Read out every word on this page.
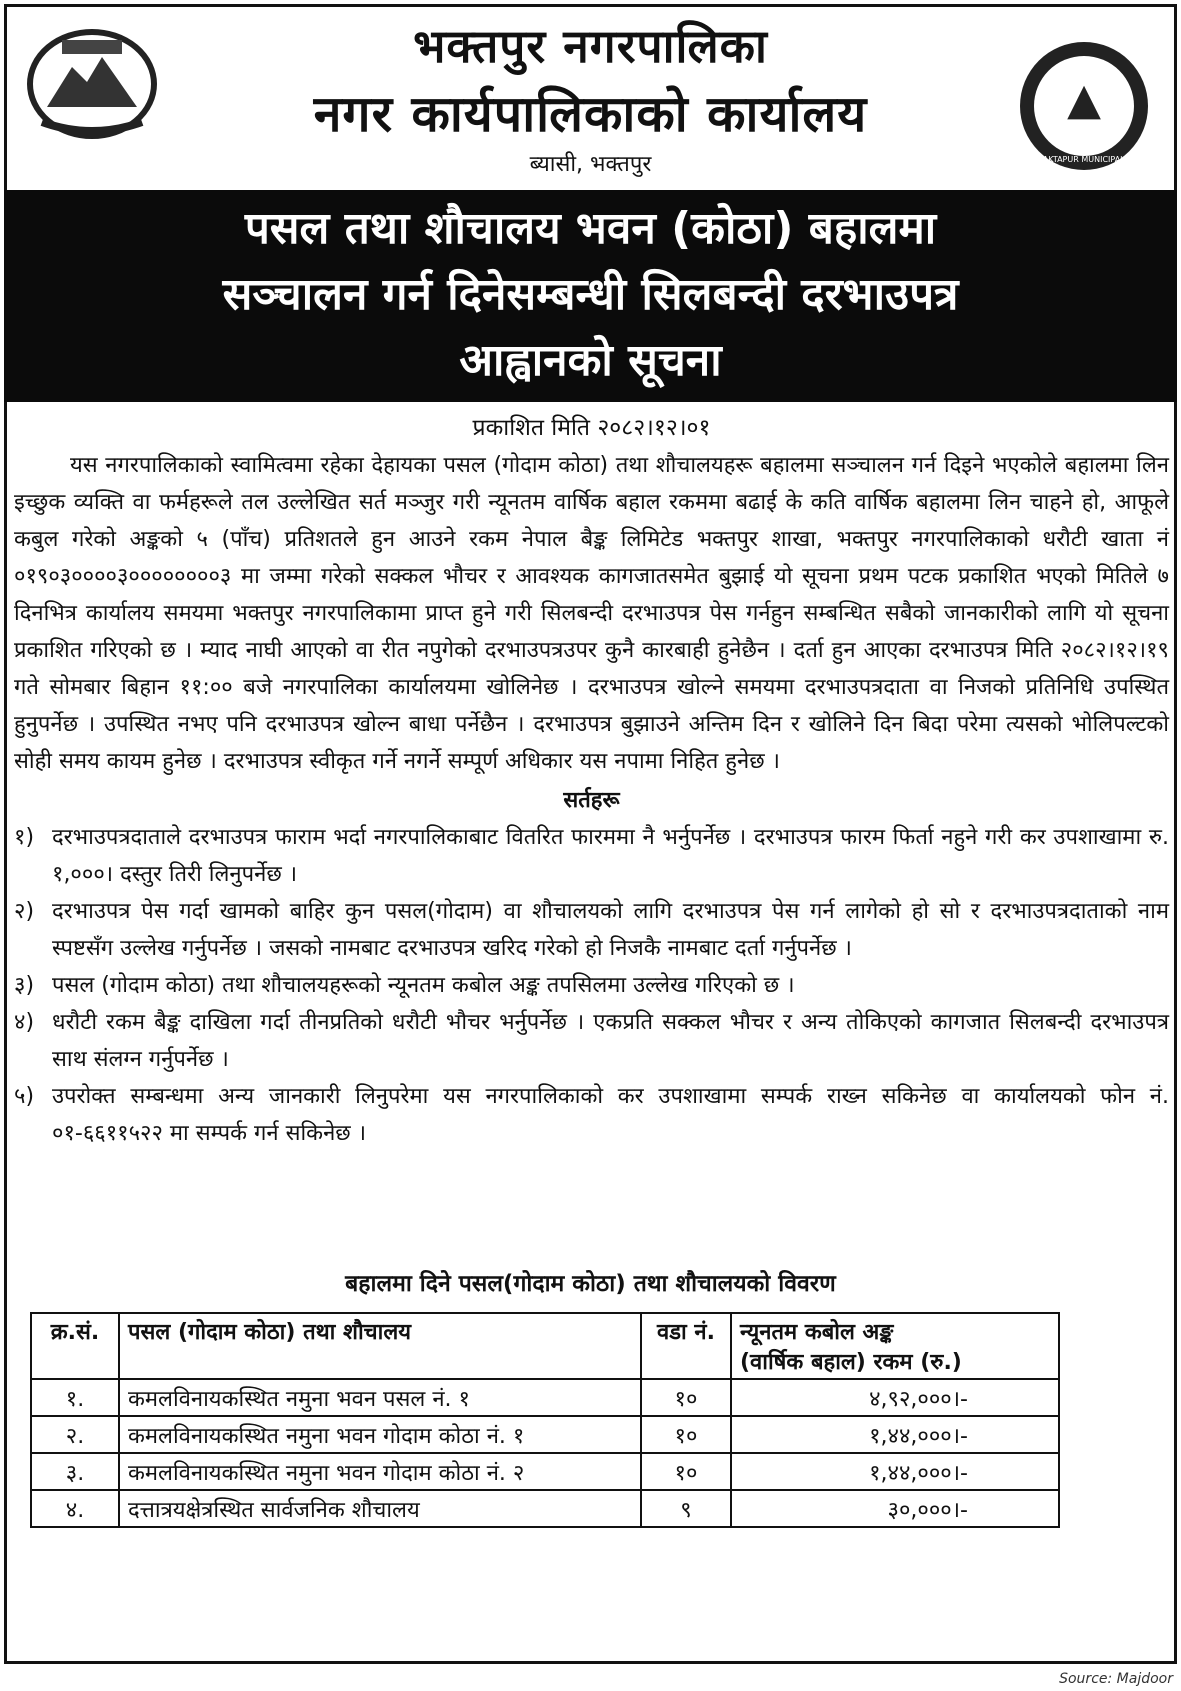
भक्तपुर नगरपालिका
नगर कार्यपालिकाको कार्यालय
ब्यासी, भक्तपुर
▲
BHAKTAPUR MUNICIPALITY
पसल तथा शौचालय भवन (कोठा) बहालमा
सञ्चालन गर्न दिनेसम्बन्धी सिलबन्दी दरभाउपत्र
आह्वानको सूचना
प्रकाशित मिति २०८२।१२।०१

यस नगरपालिकाको स्वामित्वमा रहेका देहायका पसल (गोदाम कोठा) तथा शौचालयहरू बहालमा सञ्चालन गर्न दिइने भएकोले बहालमा लिन इच्छुक व्यक्ति वा फर्महरूले तल उल्लेखित सर्त मञ्जुर गरी न्यूनतम वार्षिक बहाल रकममा बढाई के कति वार्षिक बहालमा लिन चाहने हो, आफूले कबुल गरेको अङ्कको ५ (पाँच) प्रतिशतले हुन आउने रकम नेपाल बैङ्क लिमिटेड भक्तपुर शाखा, भक्तपुर नगरपालिकाको धरौटी खाता नं ०१९०३००००३००००००००३ मा जम्मा गरेको सक्कल भौचर र आवश्यक कागजातसमेत बुझाई यो सूचना प्रथम पटक प्रकाशित भएको मितिले ७ दिनभित्र कार्यालय समयमा भक्तपुर नगरपालिकामा प्राप्त हुने गरी सिलबन्दी दरभाउपत्र पेस गर्नहुन सम्बन्धित सबैको जानकारीको लागि यो सूचना प्रकाशित गरिएको छ । म्याद नाघी आएको वा रीत नपुगेको दरभाउपत्रउपर कुनै कारबाही हुनेछैन । दर्ता हुन आएका दरभाउपत्र मिति २०८२।१२।१९ गते सोमबार बिहान ११:०० बजे नगरपालिका कार्यालयमा खोलिनेछ । दरभाउपत्र खोल्ने समयमा दरभाउपत्रदाता वा निजको प्रतिनिधि उपस्थित हुनुपर्नेछ । उपस्थित नभए पनि दरभाउपत्र खोल्न बाधा पर्नेछैन । दरभाउपत्र बुझाउने अन्तिम दिन र खोलिने दिन बिदा परेमा त्यसको भोलिपल्टको सोही समय कायम हुनेछ । दरभाउपत्र स्वीकृत गर्ने नगर्ने सम्पूर्ण अधिकार यस नपामा निहित हुनेछ ।

सर्तहरू
१) दरभाउपत्रदाताले दरभाउपत्र फाराम भर्दा नगरपालिकाबाट वितरित फारममा नै भर्नुपर्नेछ । दरभाउपत्र फारम फिर्ता नहुने गरी कर उपशाखामा रु. १,०००। दस्तुर तिरी लिनुपर्नेछ ।
२) दरभाउपत्र पेस गर्दा खामको बाहिर कुन पसल(गोदाम) वा शौचालयको लागि दरभाउपत्र पेस गर्न लागेको हो सो र दरभाउपत्रदाताको नाम स्पष्टसँग उल्लेख गर्नुपर्नेछ । जसको नामबाट दरभाउपत्र खरिद गरेको हो निजकै नामबाट दर्ता गर्नुपर्नेछ ।
३) पसल (गोदाम कोठा) तथा शौचालयहरूको न्यूनतम कबोल अङ्क तपसिलमा उल्लेख गरिएको छ ।
४) धरौटी रकम बैङ्क दाखिला गर्दा तीनप्रतिको धरौटी भौचर भर्नुपर्नेछ । एकप्रति सक्कल भौचर र अन्य तोकिएको कागजात सिलबन्दी दरभाउपत्र साथ संलग्न गर्नुपर्नेछ ।
५) उपरोक्त सम्बन्धमा अन्य जानकारी लिनुपरेमा यस नगरपालिकाको कर उपशाखामा सम्पर्क राख्न सकिनेछ वा कार्यालयको फोन नं. ०१-६६११५२२ मा सम्पर्क गर्न सकिनेछ ।
बहालमा दिने पसल(गोदाम कोठा) तथा शौचालयको विवरण
क्र.सं.	पसल (गोदाम कोठा) तथा शौचालय	वडा नं.	न्यूनतम कबोल अङ्क
(वार्षिक बहाल) रकम (रु.)

१.	कमलविनायकस्थित नमुना भवन पसल नं. १	१०	४,९२,०००।-
२.	कमलविनायकस्थित नमुना भवन गोदाम कोठा नं. १	१०	१,४४,०००।-
३.	कमलविनायकस्थित नमुना भवन गोदाम कोठा नं. २	१०	१,४४,०००।-
४.	दत्तात्रयक्षेत्रस्थित सार्वजनिक शौचालय	९	३०,०००।-
Source: Majdoor
